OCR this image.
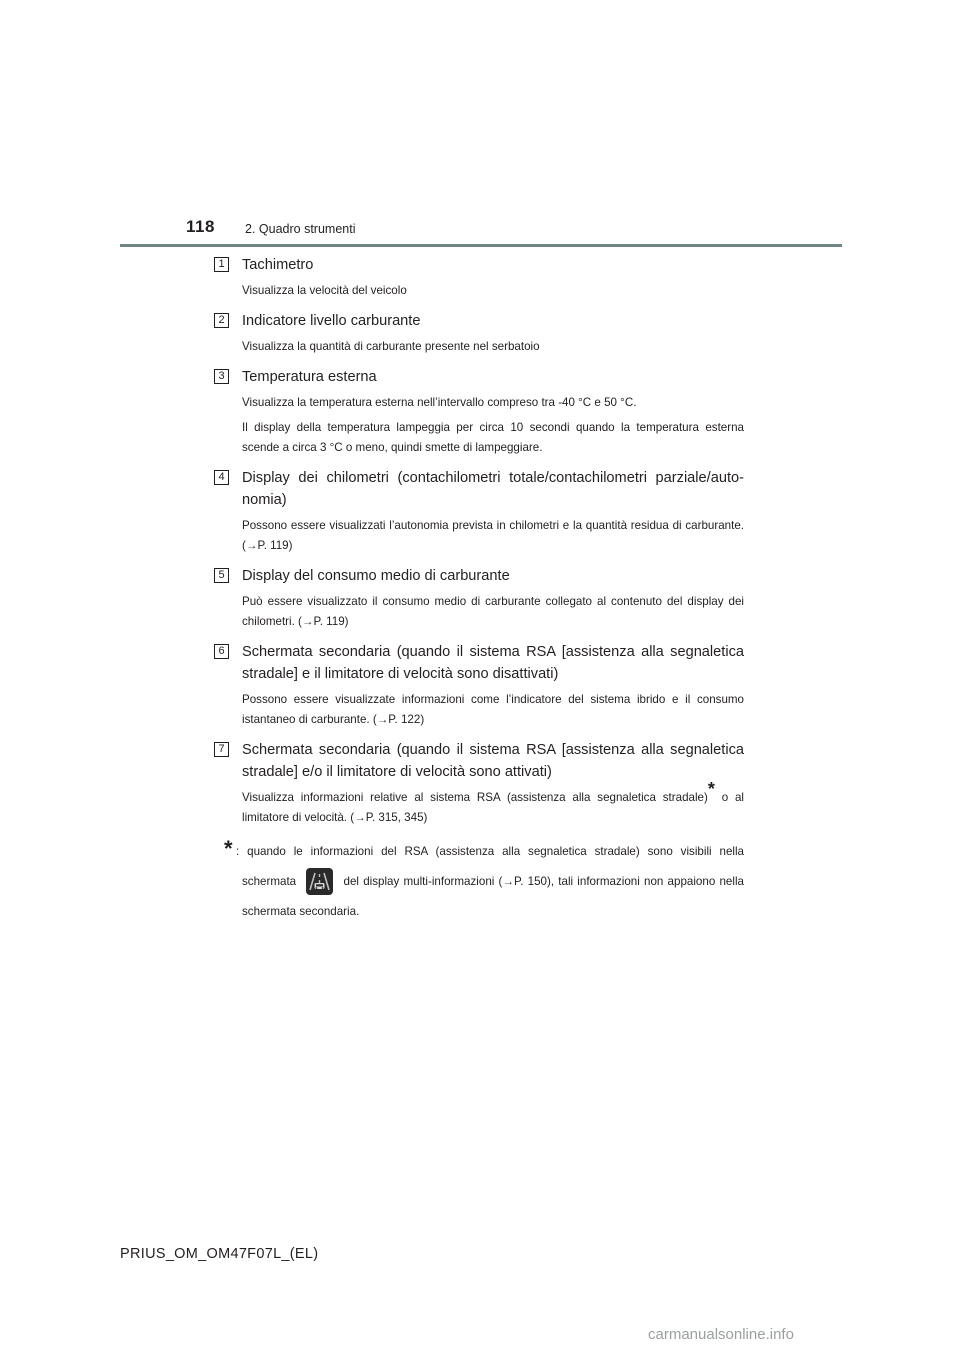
118 2. Quadro strumenti
1	Tachimetro

Visualizza la velocità del veicolo

2	Indicatore livello carburante

Visualizza la quantità di carburante presente nel serbatoio

3	Temperatura esterna

Visualizza la temperatura esterna nell’intervallo compreso tra -40 °C e 50 °C.

Il display della temperatura lampeggia per circa 10 secondi quando la temperatura esterna scende a circa 3 °C o meno, quindi smette di lampeggiare.

4	Display dei chilometri (contachilometri totale/contachilometri parziale/autonomia)

Possono essere visualizzati l’autonomia prevista in chilometri e la quantità residua di carburante. (→P. 119)

5	Display del consumo medio di carburante

Può essere visualizzato il consumo medio di carburante collegato al contenuto del display dei chilometri. (→P. 119)

6	Schermata secondaria (quando il sistema RSA [assistenza alla segnaletica stradale] e il limitatore di velocità sono disattivati)

Possono essere visualizzate informazioni come l’indicatore del sistema ibrido e il consumo istantaneo di carburante. (→P. 122)

7	Schermata secondaria (quando il sistema RSA [assistenza alla segnaletica stradale] e/o il limitatore di velocità sono attivati)

Visualizza informazioni relative al sistema RSA (assistenza alla segnaletica stradale)* o al limitatore di velocità. (→P. 315, 345)

* : quando le informazioni del RSA (assistenza alla segnaletica stradale) sono visibili nella schermata	del display multi-informazioni (→P. 150), tali informazioni non appaiono nella schermata secondaria.
PRIUS_OM_OM47F07L_(EL)
carmanualsonline.info
